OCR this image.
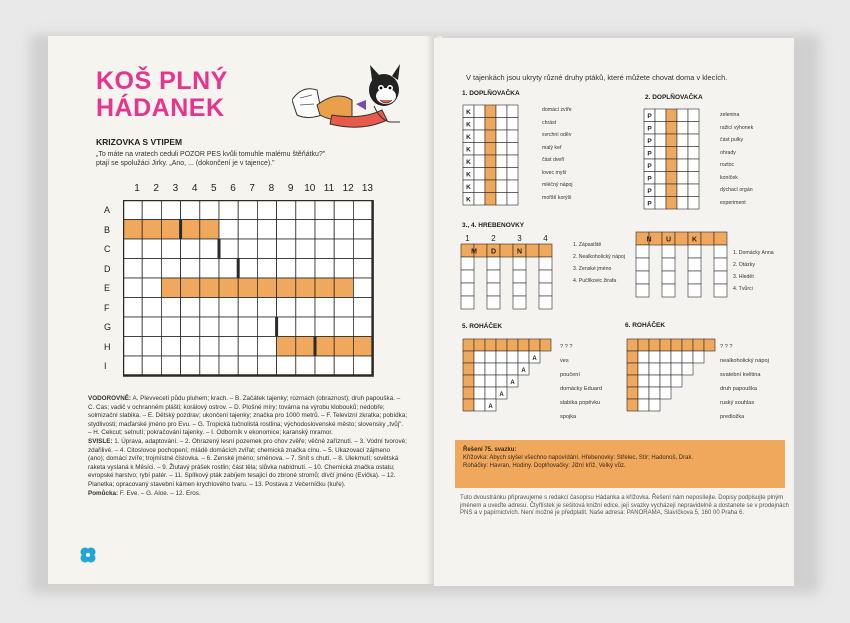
KOŠ PLNÝ
HÁDANEK
KRIZOVKA S VTIPEM
„To máte na vratech ceduli POZOR PES kvůli tomuhle malému štěňátku?"
ptají se spolužáci Jirky. „Ano, ... (dokončení je v tajence)."
1	2	3	4	5	6	7	8	9	10 11 12 13
A
B
C
D
E
F
G
H
I
VODOROVNĚ: A. Plevvecetí půdu pluhem; krach. – B. Začátek tajenky; rozmach (obraznost); druh papouška. – C. Cas; vadič v ochranném plášti; korálový ostrov. – D. Plošné míry; továrna na výrobu klobouků; nedobře; solmizační slabika. – E. Dětský pozdrav; ukončení tajenky; značka pro 1000 metrů. – F. Televizní zkratka; pobídka; stydlivosti; maďarské jméno pro Evu. – G. Tropická tučnolistá rostlina; východoslovenské město; slovensky „tvůj". – H. Cekcut; setnutí; pokračování tajenky. – I. Odborník v ekonomice; karanský mramor.
SVISLE: 1. Úprava, adaptování. – 2. Ohrazený lesní pozemek pro chov zvěře; věčné zaříznutí. – 3. Vodní tvorové; zdařilivé. – 4. Citoslovce pochopení; mládě domácích zvířat; chemická značka cínu. – 5. Ukazovací zájmeno (ano); domácí zvíře; trojmístné číslovka. – 6. Zenské jméno; směnova. – 7. Snít s chutí. – 8. Ulekmutí; sovětská raketa vyslaná k Měsíci. – 9. Žlutavý prášek rostlin; část těla; slůvka nabídnutí. – 10. Chemická značka ostatu; evropské harstvo; rybí patér. – 11. Spílkový pták zabíjem tesajicí do zbroné stromů; dívčí jméno (Evička). – 12. Planetka; opracovaný stavební kámen krychlového tvaru. – 13. Postava z Večerníčku (kuře).
Pomůcka: F. Eve. – G. Aloe. – 12. Eros.
V tajenkách jsou ukryty různé druhy ptáků, které můžete chovat doma v klecích.
1. DOPLŇOVAČKA
K
K
K
K
K
K
K
K
domácí zvíře
chrást
svrchní oděv
malý keř
část dveří
lovec myší
mléčný nápoj
mořští korýši
2. DOPLŇOVAČKA
P
P
P
P
P
P
P
P
zelenina
ražicí výhonek
část pulky
ohrady
roztoc
koníček
dýchací orgán
experiment
3., 4. HREBENOVKY
M D	N
1	2	3	4
1. Zápasiště
2. Nealkoholický nápoj
3. Zenské jméno
4. Pučlíkovic žirafa
N U	K
1. Domácky Anna
2. Otázky
3. Hledět
4. Tvůrci
5. ROHÁČEK
A
A
A
A
A
? ? ?
ves
poučení
domácky Eduard
slabika popěvku
spojka
6. ROHÁČEK
? ? ?
nealkoholický nápoj
svatební květina
druh papouška
ruský souhlas
predložka

Řešení 75. svazku:

Křížovka: Abych slyšel všechno napovídání. Hřebenovky: Střelec, Stír; Hadonoš, Drak.

Roháčky: Havran, Hodiny. Doplňovačky: Jižní kříž, Velký vůz.

Tuto dvoustránku připravujeme s redakcí časopisu Hádanka a křížovka. Řešení nám neposílejte. Dopisy podpisujte plným jménem a uveďte adresu. Čtyřlístek je sešitová knižní edice, její svazky vycházejí nepravidelně a dostanete se v prodejnách PNS a v papírnictvích. Není možné je předplatit. Naše adresa: PANORAMA, Slavíčkova 5, 160 00 Praha 6.
